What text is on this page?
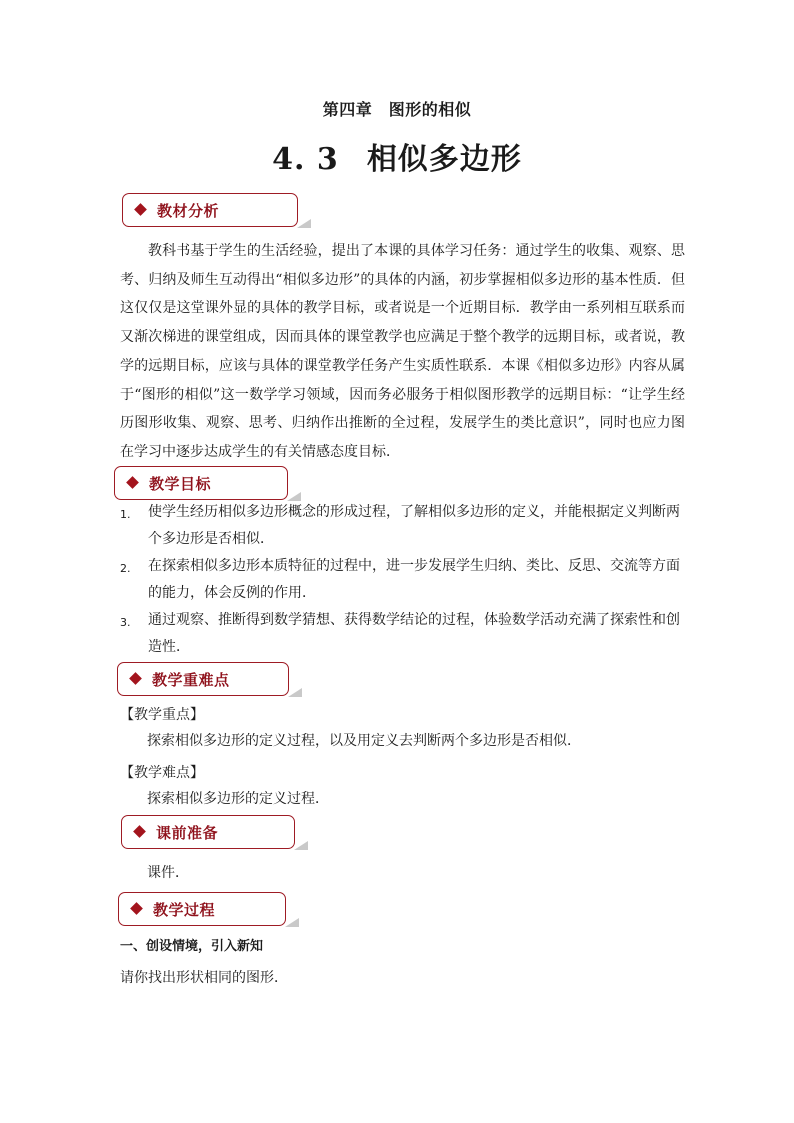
第四章　图形的相似
4. 3 相似多边形
教材分析

教科书基于学生的生活经验，提出了本课的具体学习任务：通过学生的收集、观察、思考、归纳及师生互动得出“相似多边形”的具体的内涵，初步掌握相似多边形的基本性质．但这仅仅是这堂课外显的具体的教学目标，或者说是一个近期目标．教学由一系列相互联系而又渐次梯进的课堂组成，因而具体的课堂教学也应满足于整个教学的远期目标，或者说，教学的远期目标，应该与具体的课堂教学任务产生实质性联系．本课《相似多边形》内容从属于“图形的相似”这一数学学习领域，因而务必服务于相似图形教学的远期目标：“让学生经历图形收集、观察、思考、归纳作出推断的全过程，发展学生的类比意识”，同时也应力图在学习中逐步达成学生的有关情感态度目标．

教学目标
1. 使学生经历相似多边形概念的形成过程，了解相似多边形的定义，并能根据定义判断两个多边形是否相似．
2. 在探索相似多边形本质特征的过程中，进一步发展学生归纳、类比、反思、交流等方面的能力，体会反例的作用．
3. 通过观察、推断得到数学猜想、获得数学结论的过程，体验数学活动充满了探索性和创造性．
教学重难点
【教学重点】
探索相似多边形的定义过程，以及用定义去判断两个多边形是否相似．
【教学难点】
探索相似多边形的定义过程．
课前准备
课件．
教学过程
一、创设情境，引入新知
请你找出形状相同的图形．
